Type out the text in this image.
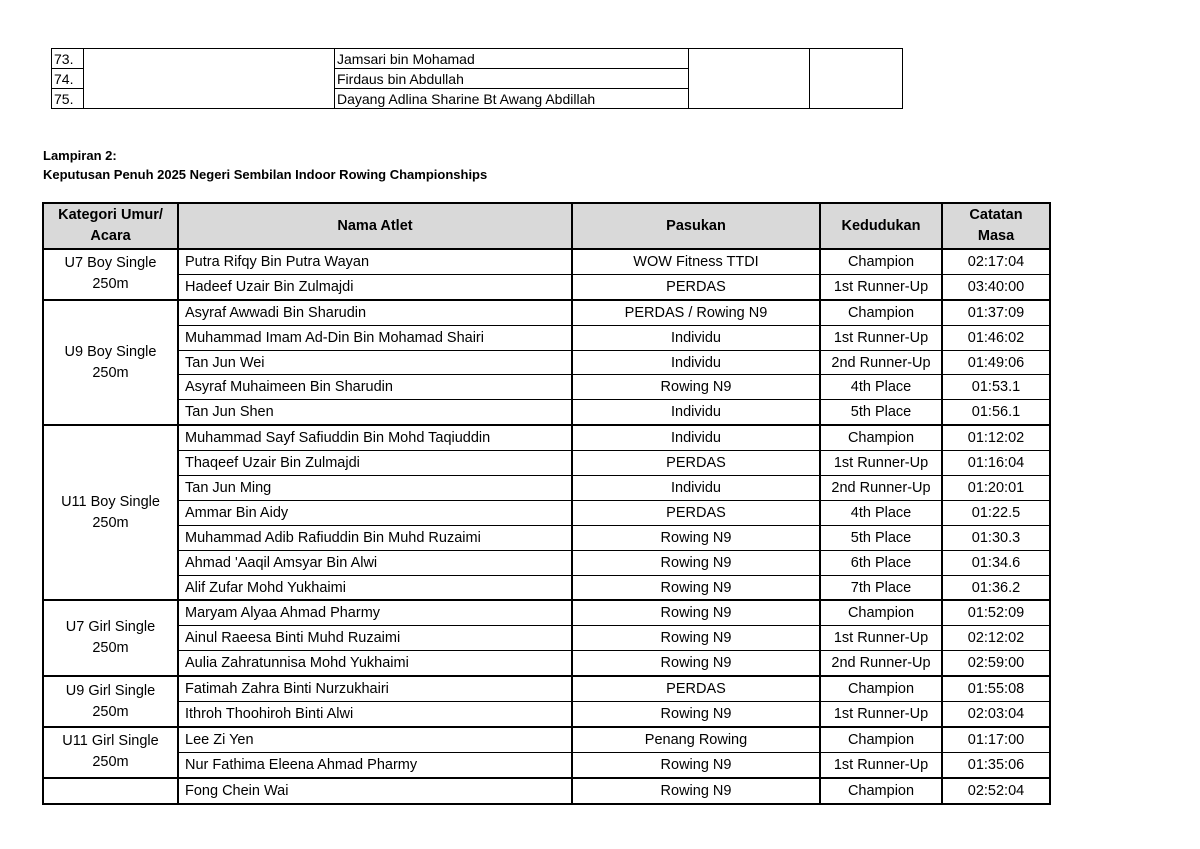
73.		Jamsari bin Mohamad		
74.		Firdaus bin Abdullah		
75.		Dayang Adlina Sharine Bt Awang Abdillah		
Lampiran 2:
Keputusan Penuh 2025 Negeri Sembilan Indoor Rowing Championships
Kategori Umur/
Acara	Nama Atlet	Pasukan	Kedudukan	Catatan
Masa
U7 Boy Single
250m	Putra Rifqy Bin Putra Wayan	WOW Fitness TTDI	Champion	02:17:04
	Hadeef Uzair Bin Zulmajdi	PERDAS	1st Runner-Up	03:40:00
U9 Boy Single
250m	Asyraf Awwadi Bin Sharudin	PERDAS / Rowing N9	Champion	01:37:09
	Muhammad Imam Ad-Din Bin Mohamad Shairi	Individu	1st Runner-Up	01:46:02
	Tan Jun Wei	Individu	2nd Runner-Up	01:49:06
	Asyraf Muhaimeen Bin Sharudin	Rowing N9	4th Place	01:53.1
	Tan Jun Shen	Individu	5th Place	01:56.1
U11 Boy Single
250m	Muhammad Sayf Safiuddin Bin Mohd Taqiuddin	Individu	Champion	01:12:02
	Thaqeef Uzair Bin Zulmajdi	PERDAS	1st Runner-Up	01:16:04
	Tan Jun Ming	Individu	2nd Runner-Up	01:20:01
	Ammar Bin Aidy	PERDAS	4th Place	01:22.5
	Muhammad Adib Rafiuddin Bin Muhd Ruzaimi	Rowing N9	5th Place	01:30.3
	Ahmad 'Aaqil Amsyar Bin Alwi	Rowing N9	6th Place	01:34.6
	Alif Zufar Mohd Yukhaimi	Rowing N9	7th Place	01:36.2
U7 Girl Single
250m	Maryam Alyaa Ahmad Pharmy	Rowing N9	Champion	01:52:09
	Ainul Raeesa Binti Muhd Ruzaimi	Rowing N9	1st Runner-Up	02:12:02
	Aulia Zahratunnisa Mohd Yukhaimi	Rowing N9	2nd Runner-Up	02:59:00
U9 Girl Single
250m	Fatimah Zahra Binti Nurzukhairi	PERDAS	Champion	01:55:08
	Ithroh Thoohiroh Binti Alwi	Rowing N9	1st Runner-Up	02:03:04
U11 Girl Single
250m	Lee Zi Yen	Penang Rowing	Champion	01:17:00
	Nur Fathima Eleena Ahmad Pharmy	Rowing N9	1st Runner-Up	01:35:06

	Fong Chein Wai	Rowing N9	Champion	02:52:04
